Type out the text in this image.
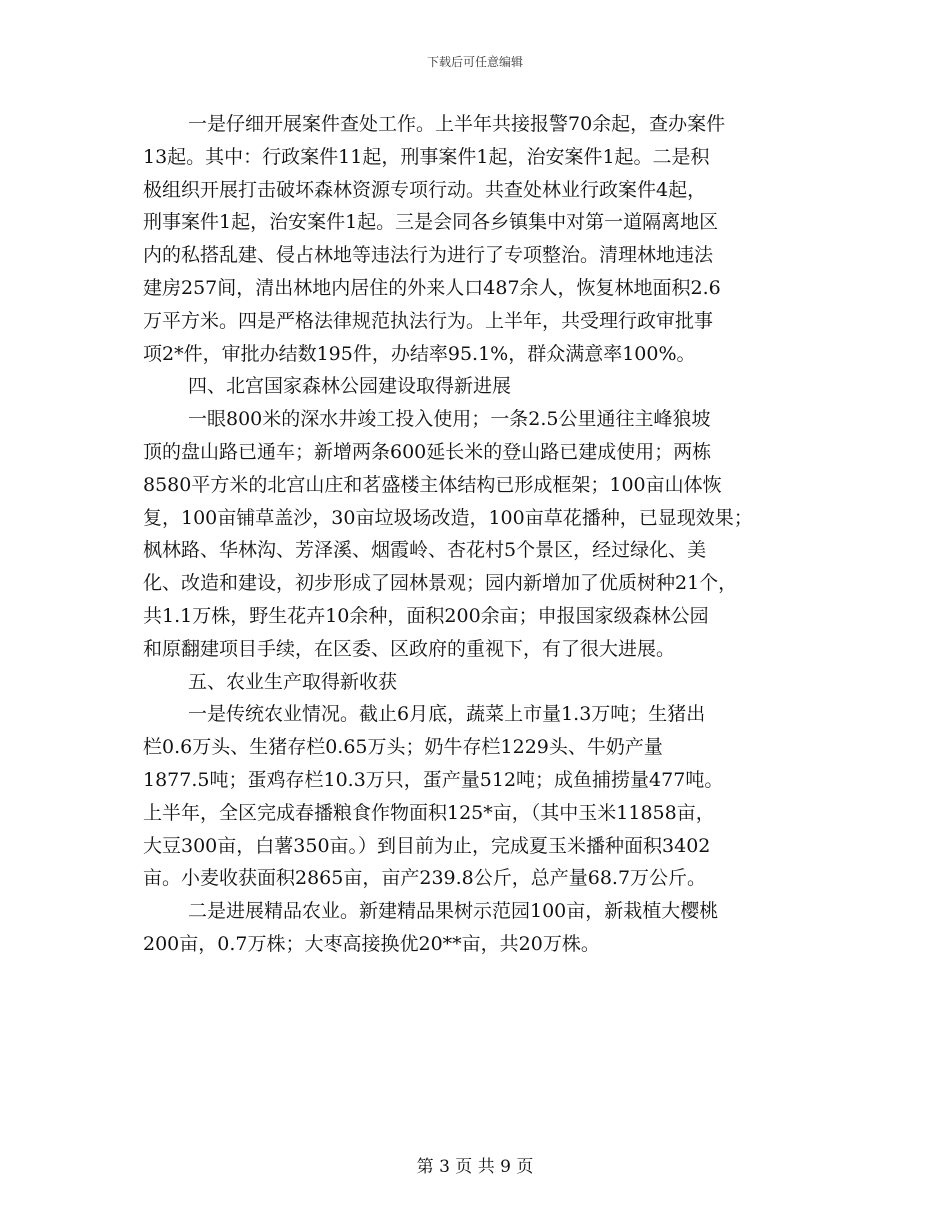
下载后可任意编辑
一是仔细开展案件查处工作。上半年共接报警70余起，查办案件
13起。其中：行政案件11起，刑事案件1起，治安案件1起。二是积
极组织开展打击破坏森林资源专项行动。共查处林业行政案件4起，
刑事案件1起，治安案件1起。三是会同各乡镇集中对第一道隔离地区
内的私搭乱建、侵占林地等违法行为进行了专项整治。清理林地违法
建房257间，清出林地内居住的外来人口487余人，恢复林地面积2.6
万平方米。四是严格法律规范执法行为。上半年，共受理行政审批事
项2*件，审批办结数195件，办结率95.1%，群众满意率100%。
四、北宫国家森林公园建设取得新进展
一眼800米的深水井竣工投入使用；一条2.5公里通往主峰狼坡
顶的盘山路已通车；新增两条600延长米的登山路已建成使用；两栋
8580平方米的北宫山庄和茗盛楼主体结构已形成框架；100亩山体恢
复，100亩铺草盖沙，30亩垃圾场改造，100亩草花播种，已显现效果；
枫林路、华林沟、芳泽溪、烟霞岭、杏花村5个景区，经过绿化、美
化、改造和建设，初步形成了园林景观；园内新增加了优质树种21个，
共1.1万株，野生花卉10余种，面积200余亩；申报国家级森林公园
和原翻建项目手续，在区委、区政府的重视下，有了很大进展。
五、农业生产取得新收获
一是传统农业情况。截止6月底，蔬菜上市量1.3万吨；生猪出
栏0.6万头、生猪存栏0.65万头；奶牛存栏1229头、牛奶产量
1877.5吨；蛋鸡存栏10.3万只，蛋产量512吨；成鱼捕捞量477吨。
上半年，全区完成春播粮食作物面积125*亩，（其中玉米11858亩，
大豆300亩，白薯350亩。）到目前为止，完成夏玉米播种面积3402
亩。小麦收获面积2865亩，亩产239.8公斤，总产量68.7万公斤。
二是进展精品农业。新建精品果树示范园100亩，新栽植大樱桃
200亩，0.7万株；大枣高接换优20**亩，共20万株。
第 3 页 共 9 页
